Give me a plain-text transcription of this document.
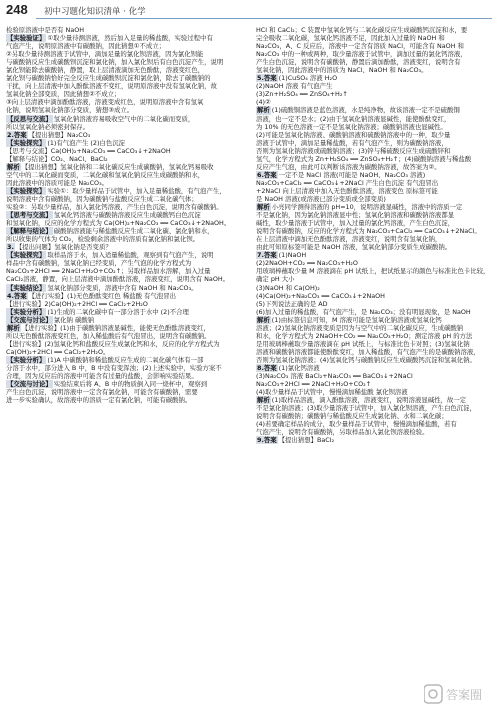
248 初中习题化知识清单 · 化学
检验原溶液中是否有 NaOH
【实验验证】 ①取少量待测溶液，然后加入足量的稀盐酸，实验过程中有
气泡产生，说明原溶液中有碳酸钠，因此猜想①不成立；
②另取少量待测溶液于试管中，滴加足量的氯化钡溶液，因为氯化钡能
与碳酸钠反应生成碳酸钡沉淀和氯化钠，加入氯化钡后有白色沉淀产生，说明
氯化钡能除去碳酸钠，静置，取上层清液滴加无色酚酞，溶液变红色，
氯化钡与碳酸钠恰好完全反应生成碳酸钡沉淀和氯化钠，除去了碳酸钠的
干扰，向上层清液中加入酚酞溶液不变红，说明原溶液中没有氢氧化钠，故
氢氧化钠全部变质，因此猜想②不成立；
③向上层清液中滴加酚酞溶液，溶液变成红色，说明原溶液中含有氢氧
化钠，说明氢氧化钠部分变质，猜想③成立。
【反思与交流】 氢氧化钠溶液容易吸收空气中的二氧化碳而变质，
所以氢氧化钠必须密封保存。
2.答案 【提出猜想】Na₂CO₃
【实验探究】 (1)有气泡产生 (2)白色沉淀
【思考与交流】Ca(OH)₂+Na₂CO₃ ══ CaCO₃↓+2NaOH
【解释与结论】CO₂、NaCl、BaCl₂
解析 【提出猜想】氢氧化钠和二氧化碳反应生成碳酸钠，氢氧化钙易吸收
空气中的二氧化碳而变质，二氧化碳和氢氧化钠反应生成碳酸钠和水，
因此溶液中的溶质可能是 Na₂CO₃。
【实验探究】 实验①：取少量样品于试管中，加入足量稀盐酸，有气泡产生，
说明溶液中含有碳酸钠，因为碳酸钠与盐酸反应生成二氧化碳气体；
实验②：另取少量样品，加入氯化钙溶液，产生白色沉淀，说明含有碳酸钠。
【思考与交流】 氢氧化钙溶液与碳酸钠溶液反应生成碳酸钙白色沉淀
和氢氧化钠，反应的化学方程式为 Ca(OH)₂+Na₂CO₃ ══ CaCO₃↓+2NaOH。
【解释与结论】 碳酸钠溶液能与稀盐酸反应生成二氧化碳、氯化钠和水，
所以收集的气体为 CO₂，检验剩余溶液中的溶质有氯化钠和氯化钡。
3. 【提出问题】氢氧化钠是否变质？
【实验探究】 取样品溶于水，加入适量稀盐酸，观察到有气泡产生，说明
样品中含有碳酸钠，氢氧化钠已经变质，产生气泡的化学方程式为
Na₂CO₃+2HCl ══ 2NaCl+H₂O+CO₂↑；另取样品加水溶解，加入过量
CaCl₂溶液，静置，向上层清液中滴加酚酞溶液，溶液变红，说明含有 NaOH。
【实验结论】 氢氧化钠部分变质，溶液中含有 NaOH 和 Na₂CO₃。
4.答案 【进行实验】(1)无色酚酞变红色 稀盐酸 有气泡冒出
【进行实验】2)Ca(OH)₂+2HCl ══ CaCl₂+2H₂O
【实验分析】 (1)生成的二氧化碳中有一部分溶于水中 (2)不合理
【交流与讨论】 氯化钠 碳酸钠
解析 【进行实验】(1)由于碳酸钠溶液显碱性，能使无色酚酞溶液变红，
所以无色酚酞溶液变红色，加入稀盐酸后有气泡冒出，说明含有碳酸钠。
【进行实验】(2)氢氧化钙和盐酸反应生成氯化钙和水，反应的化学方程式为
Ca(OH)₂+2HCl ══ CaCl₂+2H₂O。
【实验分析】 (1)A 中碳酸钠和稀盐酸反应生成的二氧化碳气体有一部
分溶于水中，部分进入 B 中，B 中没有变浑浊；(2)上述实验中，实验方案不
合理，因为反应后的溶液中可能含有过量的盐酸，会影响实验结果。
【交流与讨论】 实验结束后将 A、B 中的物质倒入同一烧杯中，观察到
产生白色沉淀，说明溶液中一定含有氯化钠，可能含有碳酸钠，需要
进一步实验确认，故溶液中的溶质一定有氯化钠，可能有碳酸钠。
HCl 和 CaCl₂；C 装置中氢氧化钙与二氧化碳反应生成碳酸钙沉淀和水，要
完全吸收二氧化碳，氢氧化钙溶液不足，因此加入过量的 NaOH 和
Na₂CO₃，A、C 反应后，溶液中一定含有溶质 NaCl，可能含有 NaOH 和
Na₂CO₃ 中的一种或两种，取少量溶液于试管中，滴加过量的氯化钙溶液，
产生白色沉淀，说明含有碳酸钠，静置后滴加酚酞，溶液变红，说明含有
氢氧化钠，因此溶液中的溶质为 NaCl、NaOH 和 Na₂CO₃。
5.答案 (1)CuSO₄ 溶液 H₂O
(2)NaOH 溶液 有气泡产生
(3)Zn+H₂SO₄ ══ ZnSO₄+H₂↑
(4)②
解析 (1)硫酸铜溶液是蓝色溶液，水是纯净物，故该溶液一定不是硫酸铜
溶液，也一定不是水；(2)由于氢氧化钠溶液显碱性，能使酚酞变红，
为 10% 的无色溶液一定不是氢氧化钠溶液；碳酸钠溶液也显碱性。
(2)可能是氢氧化钠溶液、碳酸钠溶液和硫酸钠溶液中的一种，取少量
溶液于试管中，滴加足量稀盐酸，若有气泡产生，则为碳酸钠溶液，
否则为氢氧化钠溶液或硫酸钠溶液；(3)锌与稀硫酸反应生成硫酸锌和
氢气，化学方程式为 Zn+H₂SO₄ ══ ZnSO₄+H₂↑；(4)碳酸钠溶液与稀盐酸
反应产生气泡，由此可以判断该溶液为碳酸钠溶液，故答案为②。
6.答案 一定不是 NaCl 溶液(可能是 NaOH、Na₂CO₃ 溶液)
Na₂CO₃+CaCl₂ ══ CaCO₃↓+2NaCl 产生白色沉淀 有气泡冒出
+2NaCl 向上层清液中加入无色酚酞溶液，溶液变色 原标签可能
是 NaOH 溶液(或溶液已部分变质或全部变质)
解析 小亮同学测得溶液的 pH=10，说明溶液显碱性，溶液中的溶质一定
不是氯化钠，因为氯化钠溶液显中性；氢氧化钠溶液和碳酸钠溶液都显
碱性，取少量溶液于试管中，加入过量的氯化钙溶液，产生白色沉淀，
说明含有碳酸钠，反应的化学方程式为 Na₂CO₃+CaCl₂ ══ CaCO₃↓+2NaCl。
在上层清液中滴加无色酚酞溶液，溶液变红，说明含有氢氧化钠，
由此可知原标签可能是 NaOH 溶液，氢氧化钠部分变质生成碳酸钠。
7.答案 (1)NaOH
(2)2NaOH+CO₂ ══ Na₂CO₃+H₂O
用玻璃棒蘸取少量 M 溶液滴在 pH 试纸上，把试纸显示的颜色与标准比色卡比较，
确定 pH 大小
(3)NaOH 和 Ca(OH)₂
(4)Ca(OH)₂+Na₂CO₃ ══ CaCO₃↓+2NaOH
(5)下列说法正确的是 AD
(6)加入过量的稀盐酸，有气泡产生，是 Na₂CO₃；没有明显现象，是 NaOH
解析 (1)由标签信息可知，M 溶液可能是氢氧化钠溶液或氢氧化钙
溶液；(2)氢氧化钠溶液变质是因为与空气中的二氧化碳反应，生成碳酸钠
和水，化学方程式为 2NaOH+CO₂ ══ Na₂CO₃+H₂O；测定溶液 pH 的方法
是用玻璃棒蘸取少量溶液滴在 pH 试纸上，与标准比色卡对照；(3)氢氧化钠
溶液和碳酸钠溶液都能使酚酞变红，加入稀盐酸，有气泡产生的是碳酸钠溶液，
否则为氢氧化钠溶液；(4)氢氧化钙与碳酸钠反应生成碳酸钙沉淀和氢氧化钠。
8.答案 (1)氯化钙溶液
(3)Na₂CO₃ 溶液 BaCl₂+Na₂CO₃ ══ BaCO₃↓+2NaCl
Na₂CO₃+2HCl ══ 2NaCl+H₂O+CO₂↑
(4)取少量样品于试管中，慢慢滴加稀盐酸 氯化钡溶液
解析 (1)取样品溶液，滴入酚酞溶液，溶液变红，说明溶液显碱性，故一定
不是氯化钠溶液；(3)取少量溶液于试管中，加入氯化钡溶液，产生白色沉淀，
说明含有碳酸钠；碳酸钠与稀盐酸反应生成氯化钠、水和二氧化碳；
(4)若要确定样品的成分，取少量样品于试管中，慢慢滴加稀盐酸，若有
气泡产生，说明含有碳酸钠，另取样品加入氯化钡溶液检验。
9.答案 【提出猜想】BaCl₂
答案圈
